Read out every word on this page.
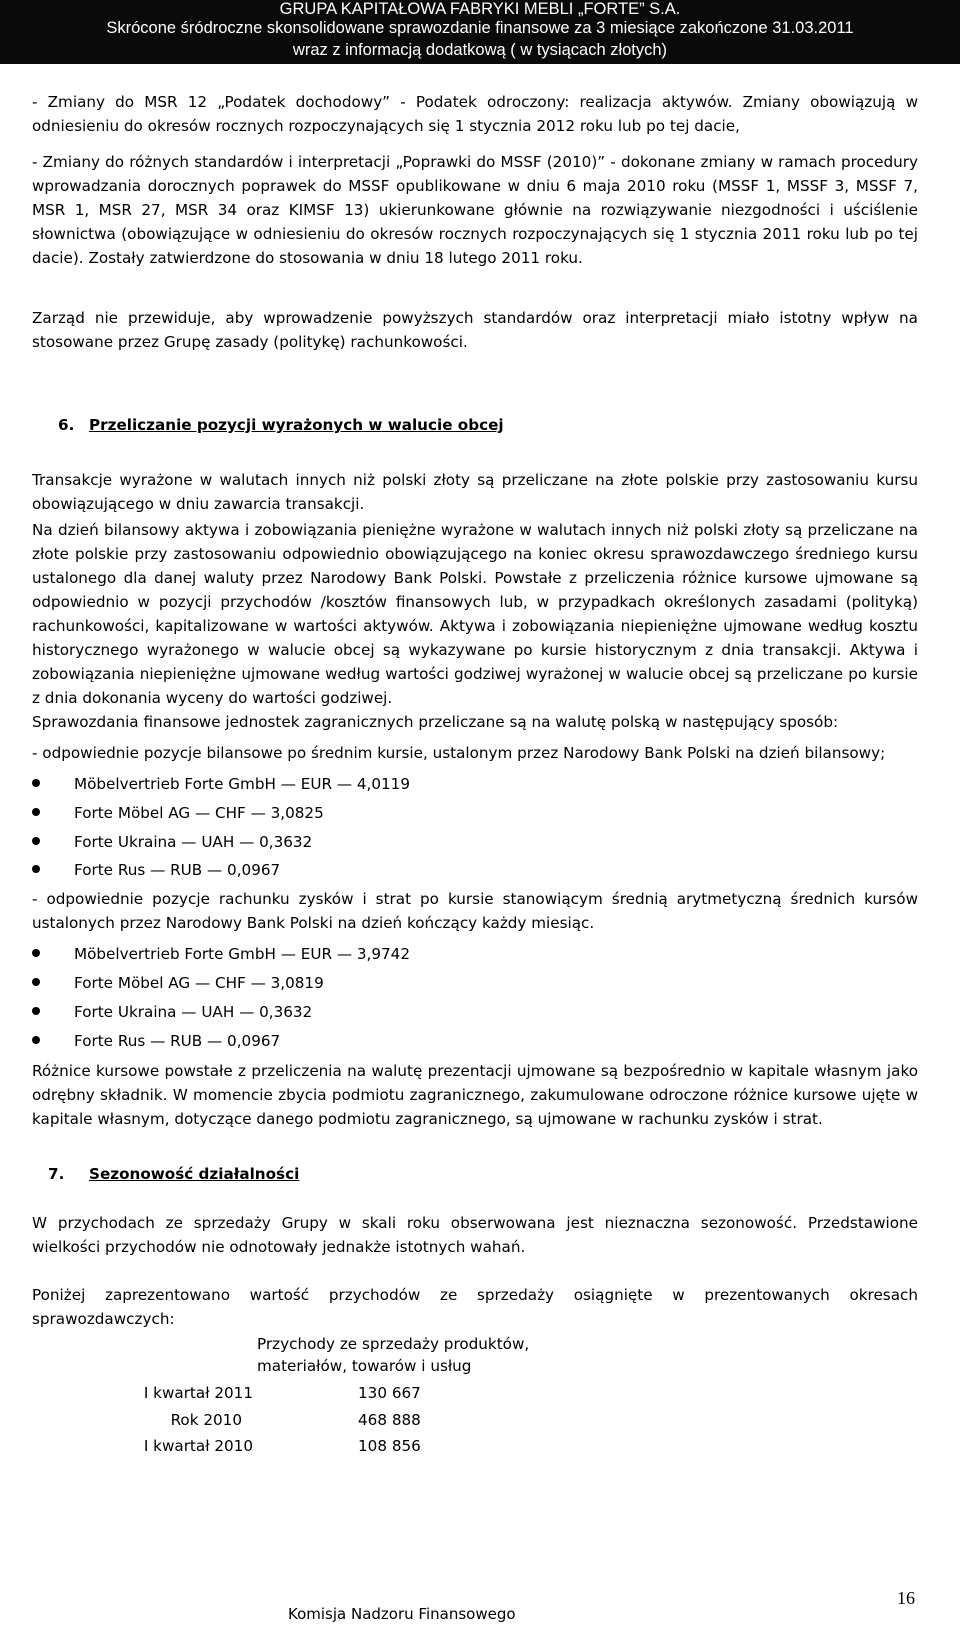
GRUPA KAPITAŁOWA FABRYKI MEBLI „FORTE” S.A.
Skrócone śródroczne skonsolidowane sprawozdanie finansowe za 3 miesiące zakończone 31.03.2011
wraz z informacją dodatkową ( w tysiącach złotych)

- Zmiany do MSR 12 „Podatek dochodowy” - Podatek odroczony: realizacja aktywów. Zmiany obowiązują w odniesieniu do okresów rocznych rozpoczynających się 1 stycznia 2012 roku lub po tej dacie,

- Zmiany do różnych standardów i interpretacji „Poprawki do MSSF (2010)” - dokonane zmiany w ramach procedury wprowadzania dorocznych poprawek do MSSF opublikowane w dniu 6 maja 2010 roku (MSSF 1, MSSF 3, MSSF 7, MSR 1, MSR 27, MSR 34 oraz KIMSF 13) ukierunkowane głównie na rozwiązywanie niezgodności i uściślenie słownictwa (obowiązujące w odniesieniu do okresów rocznych rozpoczynających się 1 stycznia 2011 roku lub po tej dacie). Zostały zatwierdzone do stosowania w dniu 18 lutego 2011 roku.

Zarząd nie przewiduje, aby wprowadzenie powyższych standardów oraz interpretacji miało istotny wpływ na stosowane przez Grupę zasady (politykę) rachunkowości.

6. Przeliczanie pozycji wyrażonych w walucie obcej

Transakcje wyrażone w walutach innych niż polski złoty są przeliczane na złote polskie przy zastosowaniu kursu obowiązującego w dniu zawarcia transakcji.

Na dzień bilansowy aktywa i zobowiązania pieniężne wyrażone w walutach innych niż polski złoty są przeliczane na złote polskie przy zastosowaniu odpowiednio obowiązującego na koniec okresu sprawozdawczego średniego kursu ustalonego dla danej waluty przez Narodowy Bank Polski. Powstałe z przeliczenia różnice kursowe ujmowane są odpowiednio w pozycji przychodów /kosztów finansowych lub, w przypadkach określonych zasadami (polityką) rachunkowości, kapitalizowane w wartości aktywów. Aktywa i zobowiązania niepieniężne ujmowane według kosztu historycznego wyrażonego w walucie obcej są wykazywane po kursie historycznym z dnia transakcji. Aktywa i zobowiązania niepieniężne ujmowane według wartości godziwej wyrażonej w walucie obcej są przeliczane po kursie z dnia dokonania wyceny do wartości godziwej.

Sprawozdania finansowe jednostek zagranicznych przeliczane są na walutę polską w następujący sposób:

- odpowiednie pozycje bilansowe po średnim kursie, ustalonym przez Narodowy Bank Polski na dzień bilansowy;

Möbelvertrieb Forte GmbH — EUR — 4,0119
Forte Möbel AG — CHF — 3,0825
Forte Ukraina — UAH — 0,3632
Forte Rus — RUB — 0,0967

- odpowiednie pozycje rachunku zysków i strat po kursie stanowiącym średnią arytmetyczną średnich kursów ustalonych przez Narodowy Bank Polski na dzień kończący każdy miesiąc.

Möbelvertrieb Forte GmbH — EUR — 3,9742
Forte Möbel AG — CHF — 3,0819
Forte Ukraina — UAH — 0,3632
Forte Rus — RUB — 0,0967

Różnice kursowe powstałe z przeliczenia na walutę prezentacji ujmowane są bezpośrednio w kapitale własnym jako odrębny składnik. W momencie zbycia podmiotu zagranicznego, zakumulowane odroczone różnice kursowe ujęte w kapitale własnym, dotyczące danego podmiotu zagranicznego, są ujmowane w rachunku zysków i strat.

7. Sezonowość działalności

W przychodach ze sprzedaży Grupy w skali roku obserwowana jest nieznaczna sezonowość. Przedstawione wielkości przychodów nie odnotowały jednakże istotnych wahań.

Poniżej zaprezentowano wartość przychodów ze sprzedaży osiągnięte w prezentowanych okresach sprawozdawczych:

Przychody ze sprzedaży produktów,
materiałów, towarów i usług
I kwartał 2011	130 667
Rok 2010	468 888
I kwartał 2010	108 856
Komisja Nadzoru Finansowego
16
